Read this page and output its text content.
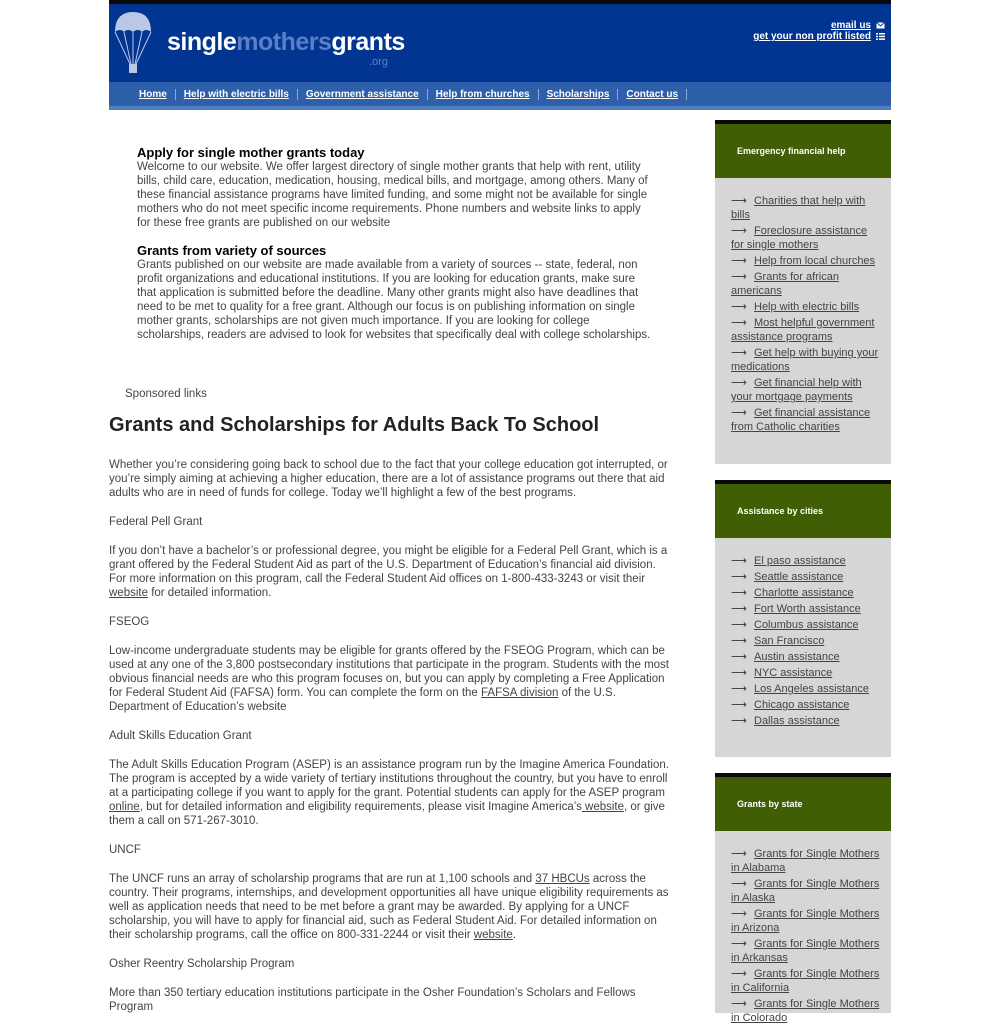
singlemothersgrants
.org
email us
get your non profit listed
Home Help with electric bills Government assistance Help from churches Scholarships Contact us
Apply for single mother grants today

Welcome to our website. We offer largest directory of single mother grants that help with rent, utility bills, child care, education, medication, housing, medical bills, and mortgage, among others. Many of these financial assistance programs have limited funding, and some might not be available for single mothers who do not meet specific income requirements. Phone numbers and website links to apply for these free grants are published on our website

Grants from variety of sources

Grants published on our website are made available from a variety of sources -- state, federal, non profit organizations and educational institutions. If you are looking for education grants, make sure that application is submitted before the deadline. Many other grants might also have deadlines that need to be met to quality for a free grant. Although our focus is on publishing information on single mother grants, scholarships are not given much importance. If you are looking for college scholarships, readers are advised to look for websites that specifically deal with college scholarships.

Sponsored links
Grants and Scholarships for Adults Back To School

Whether you’re considering going back to school due to the fact that your college education got interrupted, or you’re simply aiming at achieving a higher education, there are a lot of assistance programs out there that aid adults who are in need of funds for college. Today we’ll highlight a few of the best programs.

Federal Pell Grant

If you don’t have a bachelor’s or professional degree, you might be eligible for a Federal Pell Grant, which is a grant offered by the Federal Student Aid as part of the U.S. Department of Education’s financial aid division. For more information on this program, call the Federal Student Aid offices on 1-800-433-3243 or visit their website for detailed information.

FSEOG

Low-income undergraduate students may be eligible for grants offered by the FSEOG Program, which can be used at any one of the 3,800 postsecondary institutions that participate in the program. Students with the most obvious financial needs are who this program focuses on, but you can apply by completing a Free Application for Federal Student Aid (FAFSA) form. You can complete the form on the FAFSA division of the U.S. Department of Education’s website

Adult Skills Education Grant

The Adult Skills Education Program (ASEP) is an assistance program run by the Imagine America Foundation. The program is accepted by a wide variety of tertiary institutions throughout the country, but you have to enroll at a participating college if you want to apply for the grant. Potential students can apply for the ASEP program online, but for detailed information and eligibility requirements, please visit Imagine America’s website, or give them a call on 571-267-3010.

UNCF

The UNCF runs an array of scholarship programs that are run at 1,100 schools and 37 HBCUs across the country. Their programs, internships, and development opportunities all have unique eligibility requirements as well as application needs that need to be met before a grant may be awarded. By applying for a UNCF scholarship, you will have to apply for financial aid, such as Federal Student Aid. For detailed information on their scholarship programs, call the office on 800-331-2244 or visit their website.

Osher Reentry Scholarship Program

More than 350 tertiary education institutions participate in the Osher Foundation’s Scholars and Fellows Program

Emergency financial help
⟶ Charities that help with bills
⟶ Foreclosure assistance for single mothers
⟶ Help from local churches
⟶ Grants for african americans
⟶ Help with electric bills
⟶ Most helpful government assistance programs
⟶ Get help with buying your medications
⟶ Get financial help with your mortgage payments
⟶ Get financial assistance from Catholic charities
Assistance by cities
⟶ El paso assistance
⟶ Seattle assistance
⟶ Charlotte assistance
⟶ Fort Worth assistance
⟶ Columbus assistance
⟶ San Francisco
⟶ Austin assistance
⟶ NYC assistance
⟶ Los Angeles assistance
⟶ Chicago assistance
⟶ Dallas assistance
Grants by state
⟶ Grants for Single Mothers in Alabama
⟶ Grants for Single Mothers in Alaska
⟶ Grants for Single Mothers in Arizona
⟶ Grants for Single Mothers in Arkansas
⟶ Grants for Single Mothers in California
⟶ Grants for Single Mothers in Colorado
